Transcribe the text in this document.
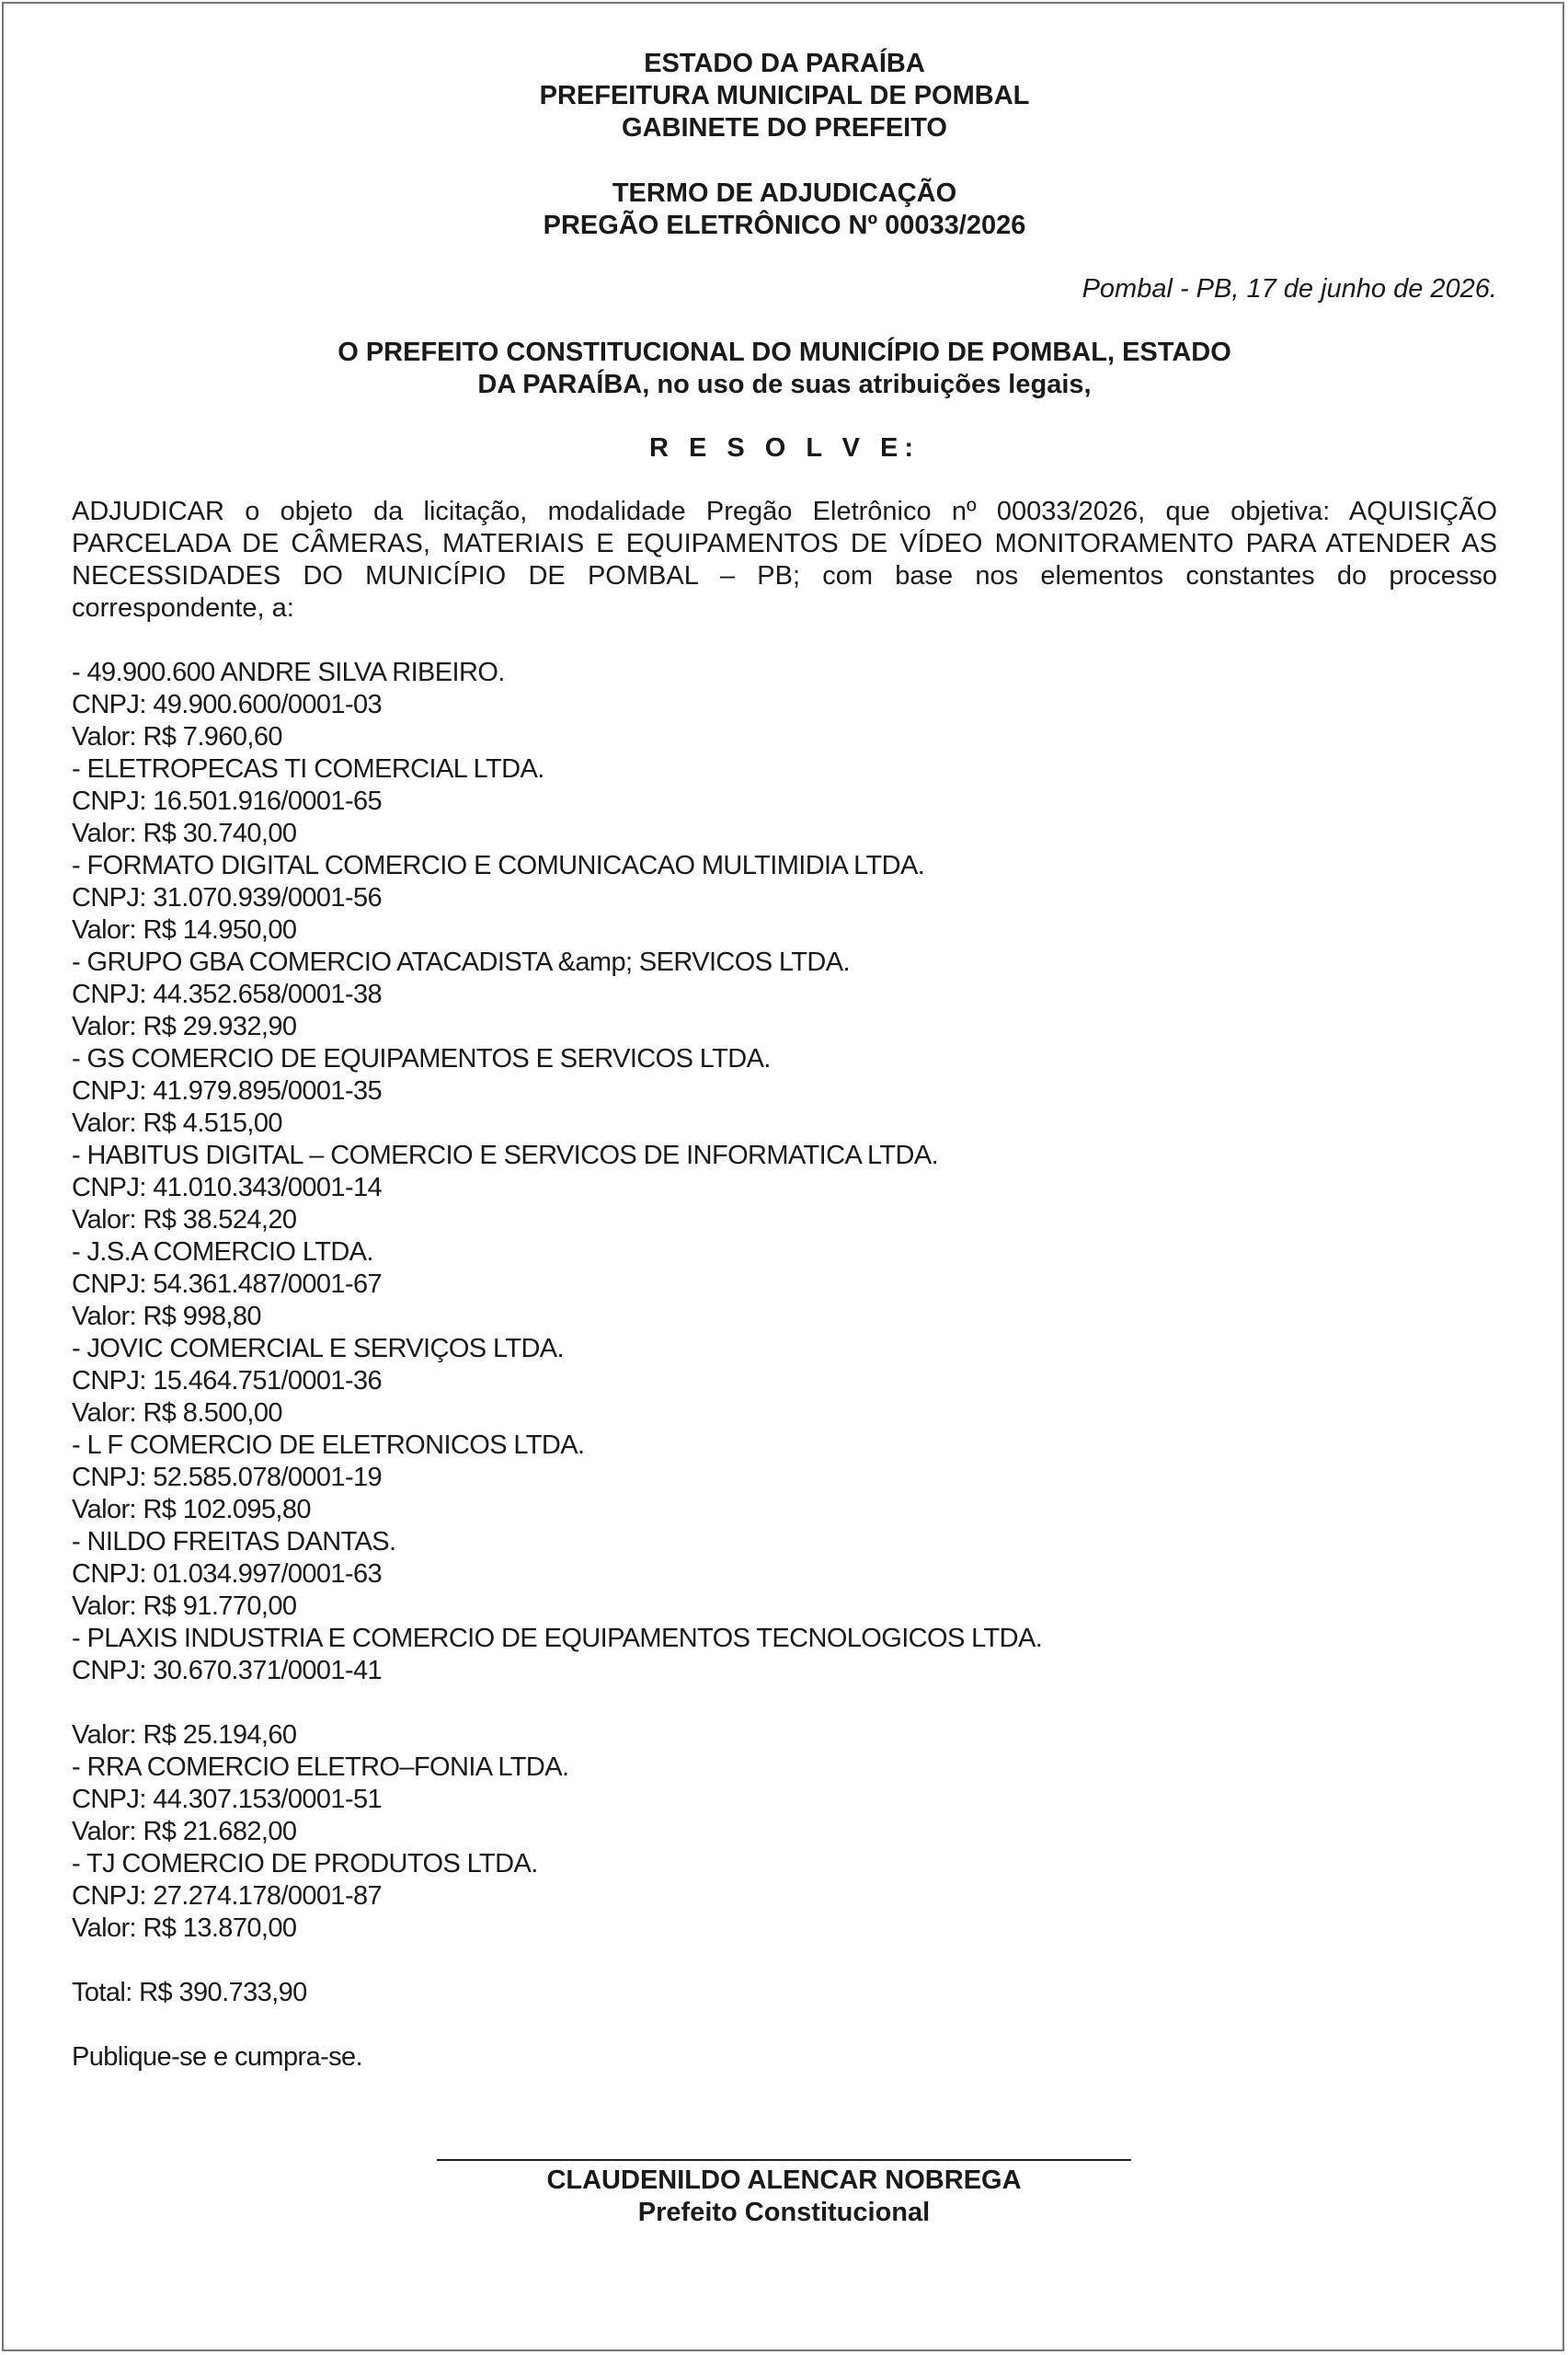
ESTADO DA PARAÍBA
PREFEITURA MUNICIPAL DE POMBAL
GABINETE DO PREFEITO
TERMO DE ADJUDICAÇÃO
PREGÃO ELETRÔNICO Nº 00033/2026
Pombal - PB, 17 de junho de 2026.
O PREFEITO CONSTITUCIONAL DO MUNICÍPIO DE POMBAL, ESTADO
DA PARAÍBA, no uso de suas atribuições legais,
R E S O L V E:
ADJUDICAR o objeto da licitação, modalidade Pregão Eletrônico nº 00033/2026, que objetiva: AQUISIÇÃO PARCELADA DE CÂMERAS, MATERIAIS E EQUIPAMENTOS DE VÍDEO MONITORAMENTO PARA ATENDER AS NECESSIDADES DO MUNICÍPIO DE POMBAL – PB; com base nos elementos constantes do processo correspondente, a:
- 49.900.600 ANDRE SILVA RIBEIRO.
CNPJ: 49.900.600/0001-03
Valor: R$ 7.960,60
- ELETROPECAS TI COMERCIAL LTDA.
CNPJ: 16.501.916/0001-65
Valor: R$ 30.740,00
- FORMATO DIGITAL COMERCIO E COMUNICACAO MULTIMIDIA LTDA.
CNPJ: 31.070.939/0001-56
Valor: R$ 14.950,00
- GRUPO GBA COMERCIO ATACADISTA &amp; SERVICOS LTDA.
CNPJ: 44.352.658/0001-38
Valor: R$ 29.932,90
- GS COMERCIO DE EQUIPAMENTOS E SERVICOS LTDA.
CNPJ: 41.979.895/0001-35
Valor: R$ 4.515,00
- HABITUS DIGITAL – COMERCIO E SERVICOS DE INFORMATICA LTDA.
CNPJ: 41.010.343/0001-14
Valor: R$ 38.524,20
- J.S.A COMERCIO LTDA.
CNPJ: 54.361.487/0001-67
Valor: R$ 998,80
- JOVIC COMERCIAL E SERVIÇOS LTDA.
CNPJ: 15.464.751/0001-36
Valor: R$ 8.500,00
- L F COMERCIO DE ELETRONICOS LTDA.
CNPJ: 52.585.078/0001-19
Valor: R$ 102.095,80
- NILDO FREITAS DANTAS.
CNPJ: 01.034.997/0001-63
Valor: R$ 91.770,00
- PLAXIS INDUSTRIA E COMERCIO DE EQUIPAMENTOS TECNOLOGICOS LTDA.
CNPJ: 30.670.371/0001-41
Valor: R$ 25.194,60
- RRA COMERCIO ELETRO–FONIA LTDA.
CNPJ: 44.307.153/0001-51
Valor: R$ 21.682,00
- TJ COMERCIO DE PRODUTOS LTDA.
CNPJ: 27.274.178/0001-87
Valor: R$ 13.870,00
Total: R$ 390.733,90
Publique-se e cumpra-se.
CLAUDENILDO ALENCAR NOBREGA
Prefeito Constitucional
